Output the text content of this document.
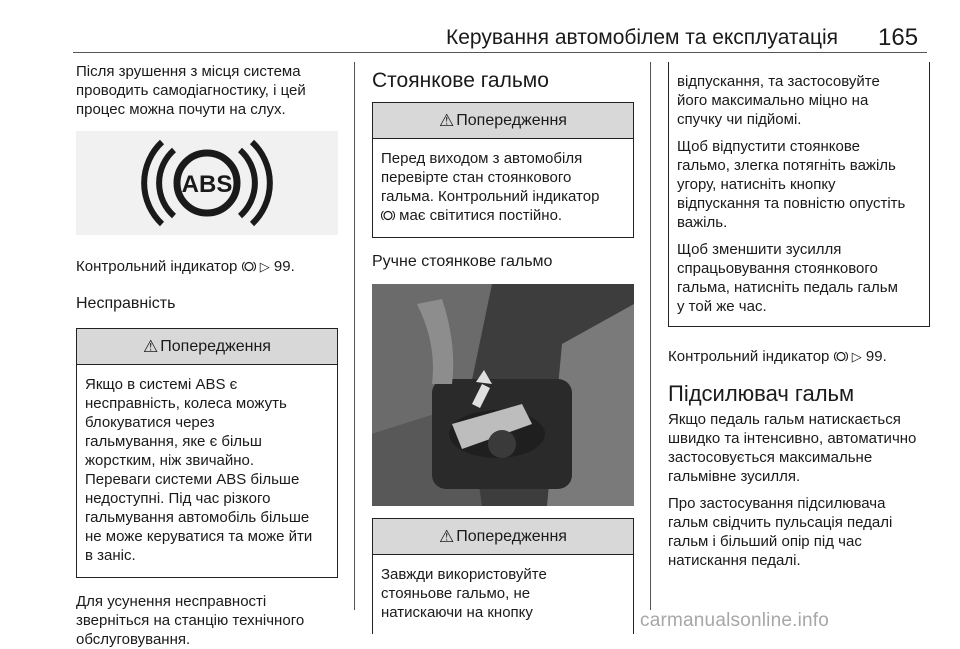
Керування автомобілем та експлуатація 165

Після зрушення з місця система

проводить самодіагностику, і цей

процес можна почути на слух.

ABS

Контрольний індикатор ▷ 99.

Несправність

⚠ Попередження

Якщо в системі ABS є

несправність, колеса можуть

блокуватися через

гальмування, яке є більш

жорстким, ніж звичайно.

Переваги системи ABS більше

недоступні. Під час різкого

гальмування автомобіль більше

не може керуватися та може йти

в заніс.

Для усунення несправності

зверніться на станцію технічного

обслуговування.

Стоянкове гальмо
⚠ Попередження

Перед виходом з автомобіля

перевірте стан стоянкового

гальма. Контрольний індикатор

має світитися постійно.

Ручне стоянкове гальмо

⚠ Попередження

Завжди використовуйте

стояньове гальмо, не

натискаючи на кнопку

відпускання, та застосовуйте

його максимально міцно на

спучку чи підйомі.

Щоб відпустити стоянкове

гальмо, злегка потягніть важіль

угору, натисніть кнопку

відпускання та повністю опустіть

важіль.

Щоб зменшити зусилля

спрацьовування стоянкового

гальма, натисніть педаль гальм

у той же час.

Контрольний індикатор ▷ 99.

Підсилювач гальм

Якщо педаль гальм натискається

швидко та інтенсивно, автоматично

застосовується максимальне

гальмівне зусилля.

Про застосування підсилювача

гальм свідчить пульсація педалі

гальм і більший опір під час

натискання педалі.

carmanualsonline.info
